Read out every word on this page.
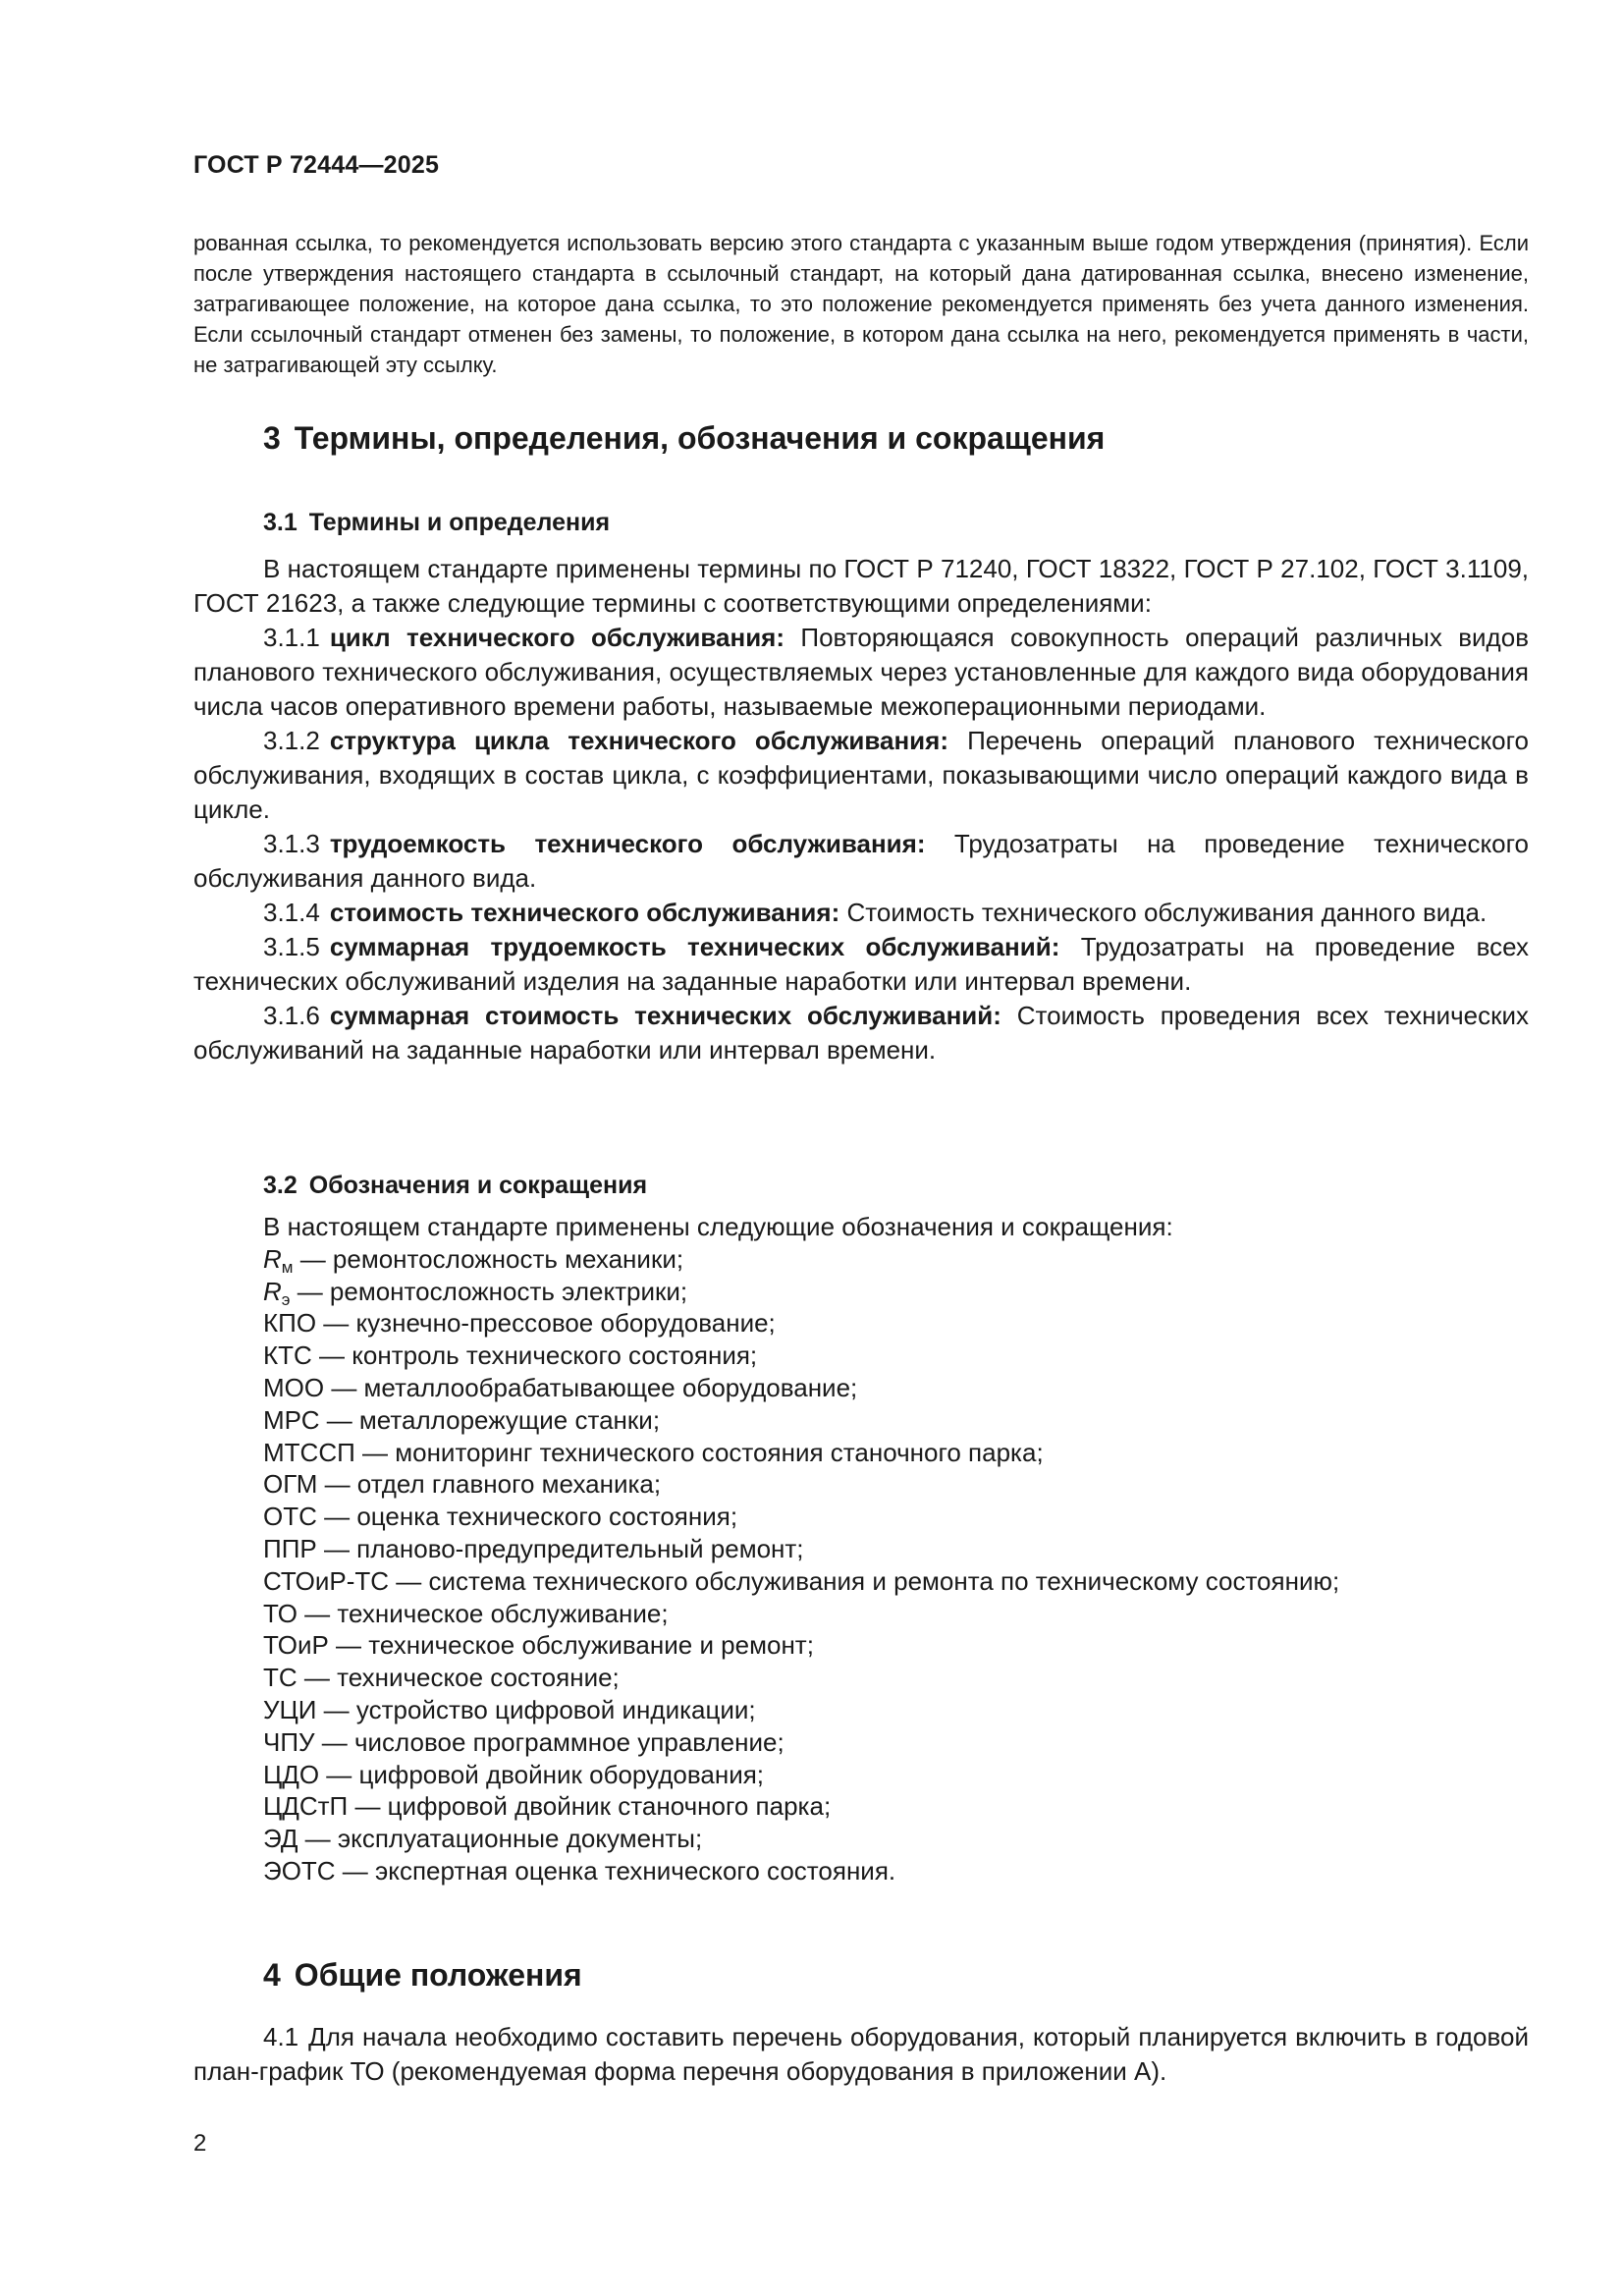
ГОСТ Р 72444—2025
рованная ссылка, то рекомендуется использовать версию этого стандарта с указанным выше годом утверждения (принятия). Если после утверждения настоящего стандарта в ссылочный стандарт, на который дана датированная ссылка, внесено изменение, затрагивающее положение, на которое дана ссылка, то это положение рекомендуется применять без учета данного изменения. Если ссылочный стандарт отменен без замены, то положение, в котором дана ссылка на него, рекомендуется применять в части, не затрагивающей эту ссылку.
3 Термины, определения, обозначения и сокращения
3.1 Термины и определения

В настоящем стандарте применены термины по ГОСТ Р 71240, ГОСТ 18322, ГОСТ Р 27.102, ГОСТ 3.1109, ГОСТ 21623, а также следующие термины с соответствующими определениями:

3.1.1 цикл технического обслуживания: Повторяющаяся совокупность операций различных видов планового технического обслуживания, осуществляемых через установленные для каждого вида оборудования числа часов оперативного времени работы, называемые межоперационными периодами.

3.1.2 структура цикла технического обслуживания: Перечень операций планового технического обслуживания, входящих в состав цикла, с коэффициентами, показывающими число операций каждого вида в цикле.

3.1.3 трудоемкость технического обслуживания: Трудозатраты на проведение технического обслуживания данного вида.

3.1.4 стоимость технического обслуживания: Стоимость технического обслуживания данного вида.

3.1.5 суммарная трудоемкость технических обслуживаний: Трудозатраты на проведение всех технических обслуживаний изделия на заданные наработки или интервал времени.

3.1.6 суммарная стоимость технических обслуживаний: Стоимость проведения всех технических обслуживаний на заданные наработки или интервал времени.

3.2 Обозначения и сокращения
В настоящем стандарте применены следующие обозначения и сокращения:
$R_м$ — ремонтосложность механики;
$R_э$ — ремонтосложность электрики;
КПО — кузнечно-прессовое оборудование;
КТС — контроль технического состояния;
МОО — металлообрабатывающее оборудование;
МРС — металлорежущие станки;
МТССП — мониторинг технического состояния станочного парка;
ОГМ — отдел главного механика;
ОТС — оценка технического состояния;
ППР — планово-предупредительный ремонт;
СТОиР-ТС — система технического обслуживания и ремонта по техническому состоянию;
ТО — техническое обслуживание;
ТОиР — техническое обслуживание и ремонт;
ТС — техническое состояние;
УЦИ — устройство цифровой индикации;
ЧПУ — числовое программное управление;
ЦДО — цифровой двойник оборудования;
ЦДСтП — цифровой двойник станочного парка;
ЭД — эксплуатационные документы;
ЭОТС — экспертная оценка технического состояния.
4 Общие положения

4.1 Для начала необходимо составить перечень оборудования, который планируется включить в годовой план-график ТО (рекомендуемая форма перечня оборудования в приложении А).

2
